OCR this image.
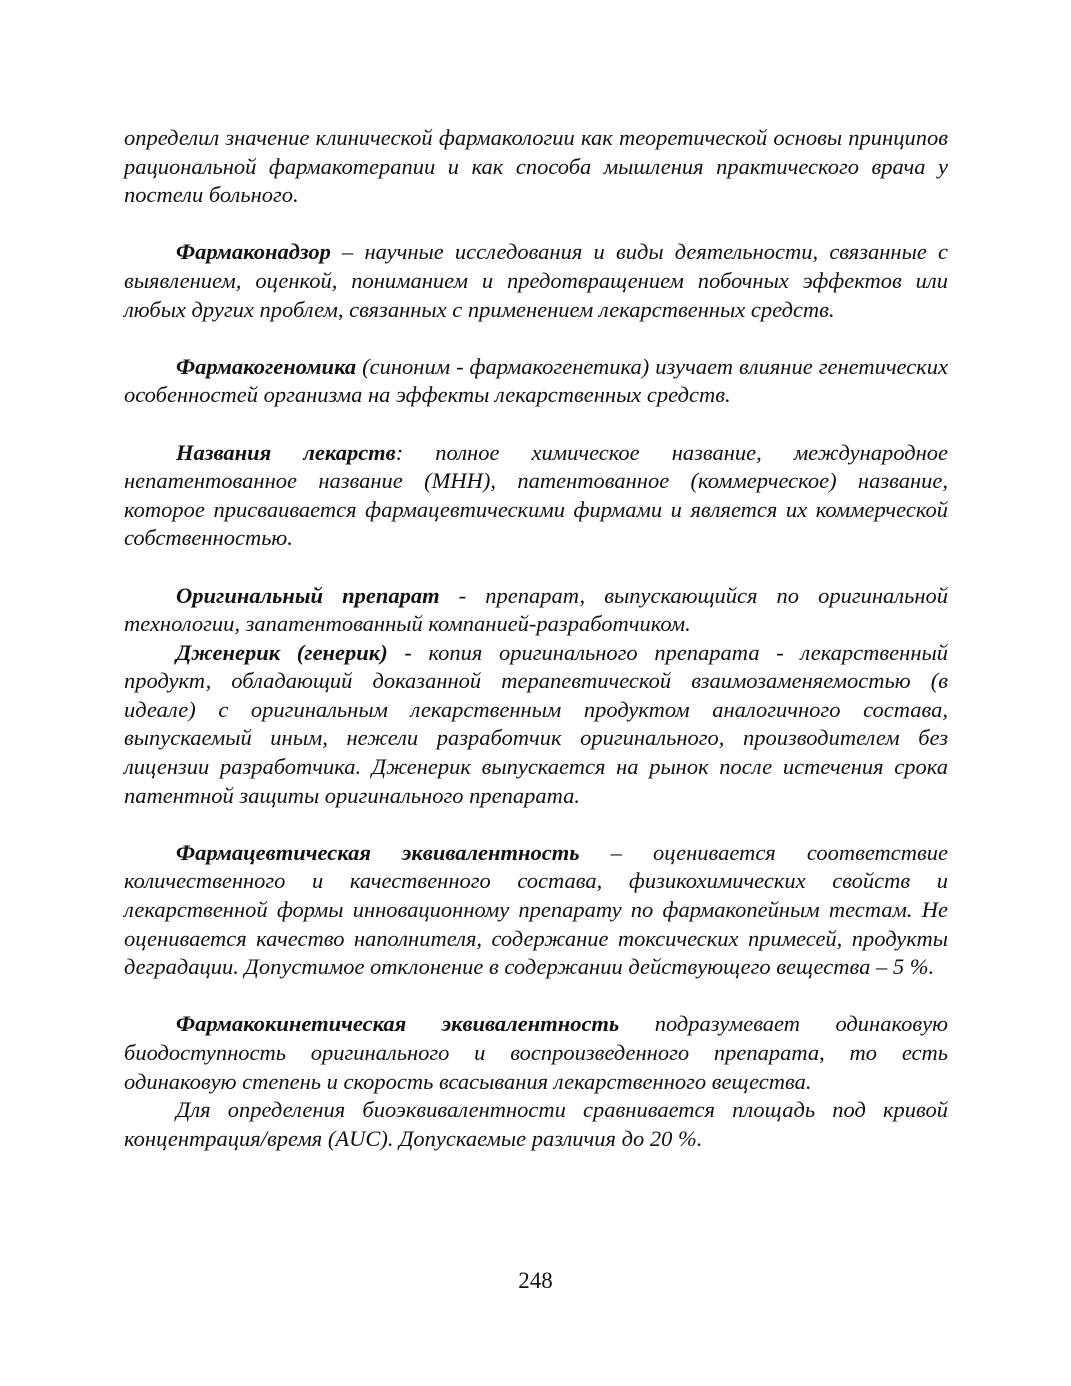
определил значение клинической фармакологии как теоретической основы принципов рациональной фармакотерапии и как способа мышления практического врача у постели больного.

Фармаконадзор – научные исследования и виды деятельности, связанные с выявлением, оценкой, пониманием и предотвращением побочных эффектов или любых других проблем, связанных с применением лекарственных средств.

Фармакогеномика (синоним - фармакогенетика) изучает влияние генетических особенностей организма на эффекты лекарственных средств.

Названия лекарств: полное химическое название, международное непатентованное название (МНН), патентованное (коммерческое) название, которое присваивается фармацевтическими фирмами и является их коммерческой собственностью.

Оригинальный препарат - препарат, выпускающийся по оригинальной технологии, запатентованный компанией-разработчиком.

Дженерик (генерик) - копия оригинального препарата - лекарственный продукт, обладающий доказанной терапевтической взаимозаменяемостью (в идеале) с оригинальным лекарственным продуктом аналогичного состава, выпускаемый иным, нежели разработчик оригинального, производителем без лицензии разработчика. Дженерик выпускается на рынок после истечения срока патентной защиты оригинального препарата.

Фармацевтическая эквивалентность – оценивается соответствие количественного и качественного состава, физикохимических свойств и лекарственной формы инновационному препарату по фармакопейным тестам. Не оценивается качество наполнителя, содержание токсических примесей, продукты деградации. Допустимое отклонение в содержании действующего вещества – 5 %.

Фармакокинетическая эквивалентность подразумевает одинаковую биодоступность оригинального и воспроизведенного препарата, то есть одинаковую степень и скорость всасывания лекарственного вещества.

Для определения биоэквивалентности сравнивается площадь под кривой концентрация/время (AUC). Допускаемые различия до 20 %.

248
